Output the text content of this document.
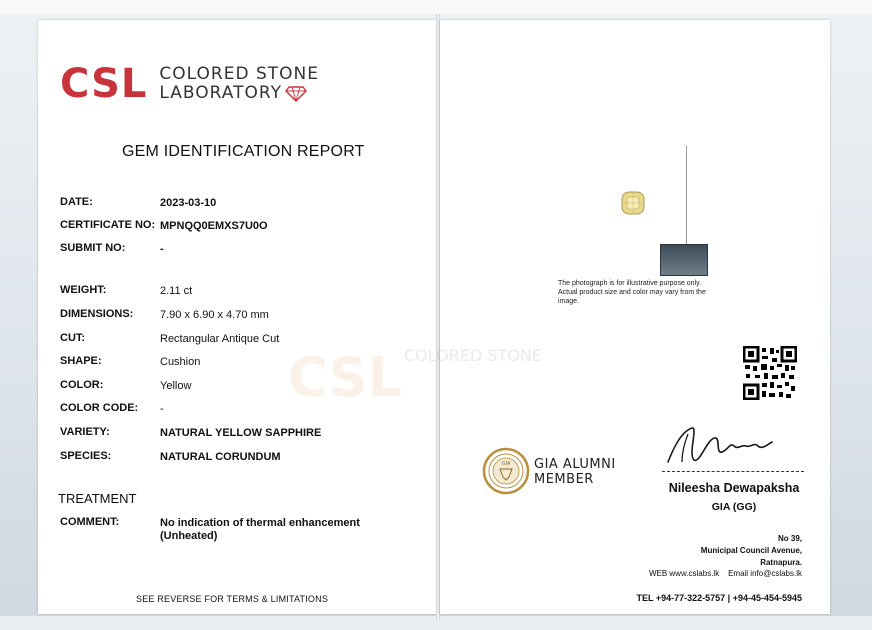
CSL COLORED STONE
LABORATORY
GEM IDENTIFICATION REPORT
DATE:	2023-03-10
CERTIFICATE NO: MPNQQ0EMXS7U0O
SUBMIT NO:	-
WEIGHT:	2.11 ct
DIMENSIONS: 7.90 x 6.90 x 4.70 mm
CUT:	Rectangular Antique Cut
SHAPE:	Cushion
COLOR:	Yellow
COLOR CODE: -
VARIETY:	NATURAL YELLOW SAPPHIRE
SPECIES:	NATURAL CORUNDUM
TREATMENT
COMMENT:	No indication of thermal enhancement
(Unheated)
SEE REVERSE FOR TERMS & LIMITATIONS
CSL COLORED STONE
The photograph is for illustrative purpose only. Actual product size and color may vary from the image.
GIA GIA ALUMNI
MEMBER
Nileesha Dewapaksha
GIA (GG)
No 39,
Municipal Council Avenue,
Ratnapura.
WEB www.cslabs.lk Email info@cslabs.lk
TEL +94-77-322-5757 | +94-45-454-5945
